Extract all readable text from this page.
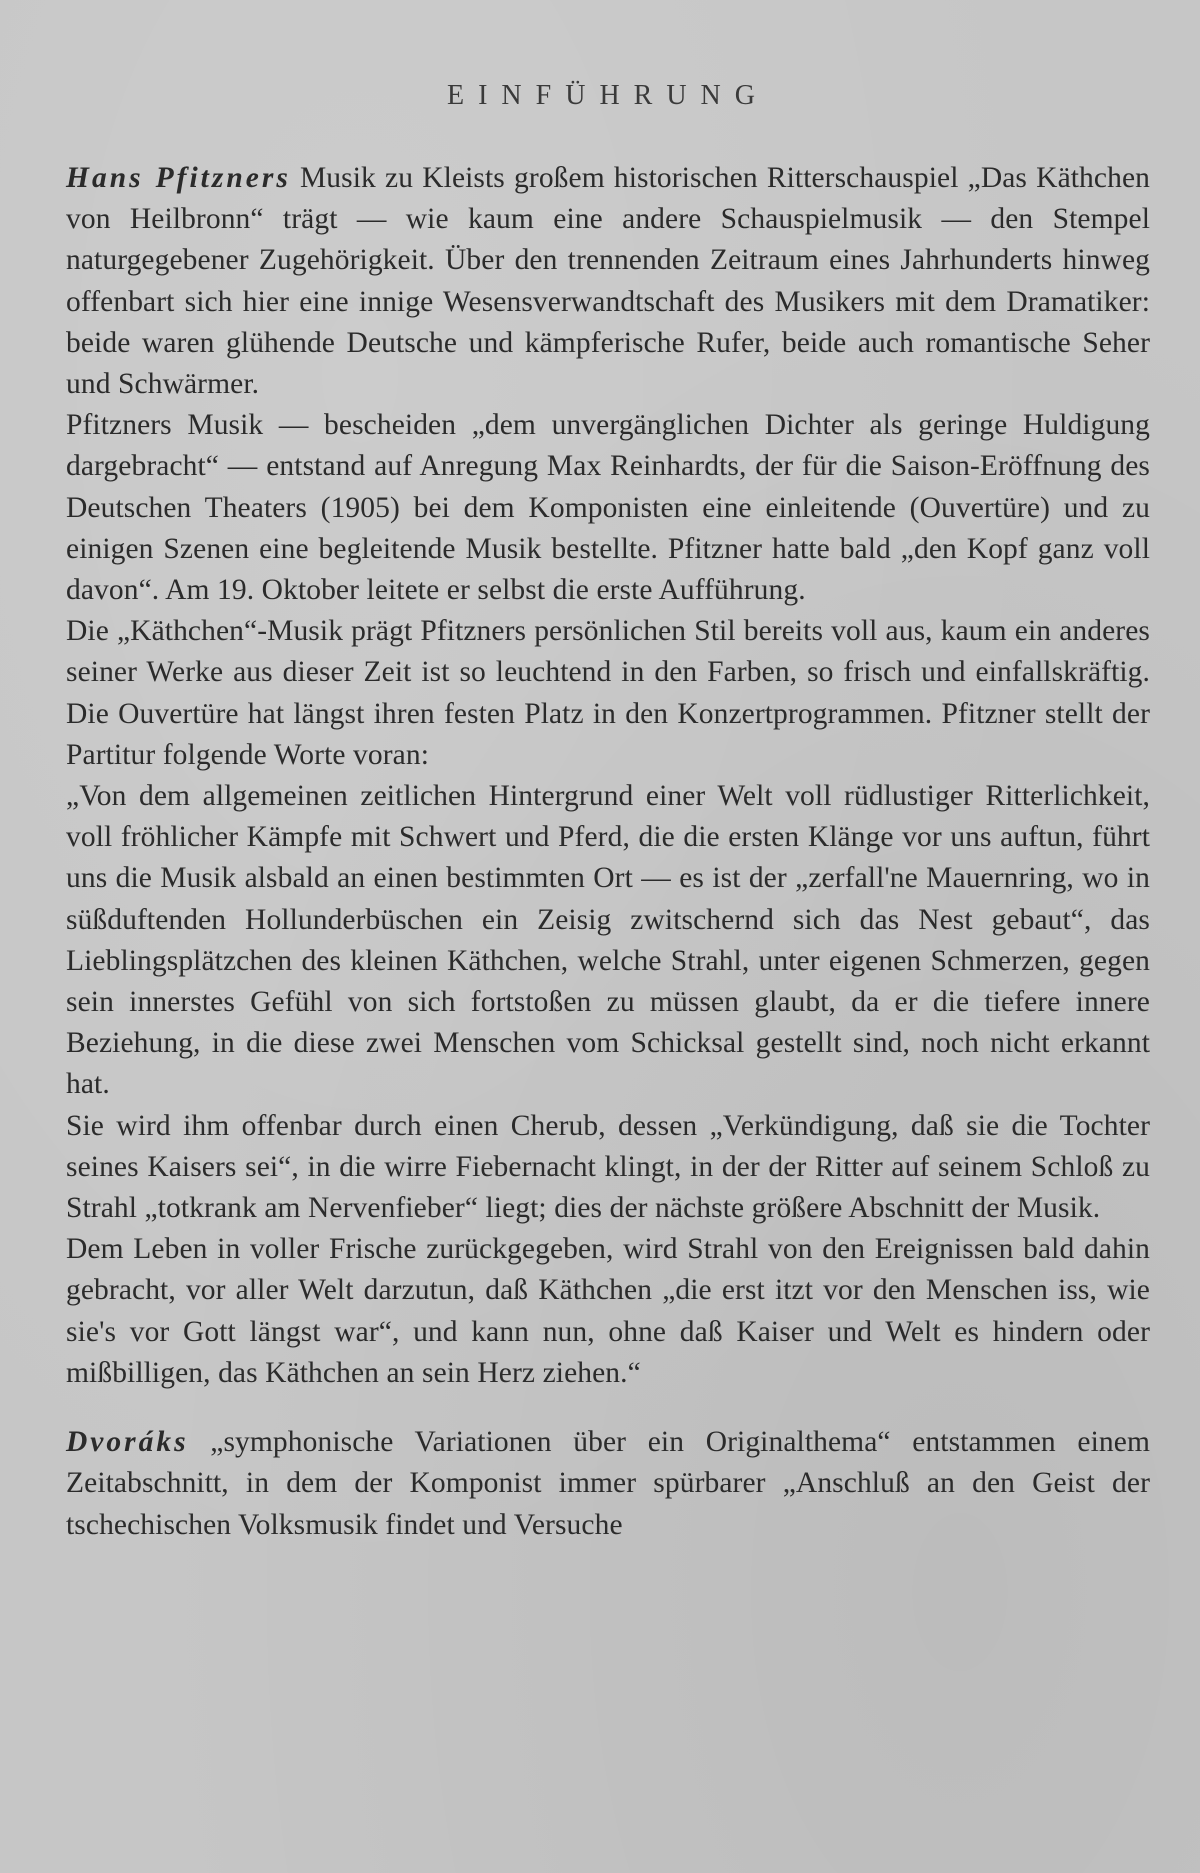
EINFÜHRUNG

Hans Pfitzners Musik zu Kleists großem historischen Ritterschauspiel „Das Käthchen von Heilbronn“ trägt — wie kaum eine andere Schauspielmusik — den Stempel naturgegebener Zugehörigkeit. Über den trennenden Zeitraum eines Jahrhunderts hinweg offenbart sich hier eine innige Wesensverwandtschaft des Musikers mit dem Dramatiker: beide waren glühende Deutsche und kämpferische Rufer, beide auch romantische Seher und Schwärmer.

Pfitzners Musik — bescheiden „dem unvergänglichen Dichter als geringe Huldigung dargebracht“ — entstand auf Anregung Max Reinhardts, der für die Saison-Eröffnung des Deutschen Theaters (1905) bei dem Komponisten eine einleitende (Ouvertüre) und zu einigen Szenen eine begleitende Musik bestellte. Pfitzner hatte bald „den Kopf ganz voll davon“. Am 19. Oktober leitete er selbst die erste Aufführung.

Die „Käthchen“-Musik prägt Pfitzners persönlichen Stil bereits voll aus, kaum ein anderes seiner Werke aus dieser Zeit ist so leuchtend in den Farben, so frisch und einfallskräftig. Die Ouvertüre hat längst ihren festen Platz in den Konzertprogrammen. Pfitzner stellt der Partitur folgende Worte voran:

„Von dem allgemeinen zeitlichen Hintergrund einer Welt voll rüdlustiger Ritterlichkeit, voll fröhlicher Kämpfe mit Schwert und Pferd, die die ersten Klänge vor uns auftun, führt uns die Musik alsbald an einen bestimmten Ort — es ist der „zerfall'ne Mauernring, wo in süßduftenden Hollunderbüschen ein Zeisig zwitschernd sich das Nest gebaut“, das Lieblingsplätzchen des kleinen Käthchen, welche Strahl, unter eigenen Schmerzen, gegen sein innerstes Gefühl von sich fortstoßen zu müssen glaubt, da er die tiefere innere Beziehung, in die diese zwei Menschen vom Schicksal gestellt sind, noch nicht erkannt hat.

Sie wird ihm offenbar durch einen Cherub, dessen „Verkündigung, daß sie die Tochter seines Kaisers sei“, in die wirre Fiebernacht klingt, in der der Ritter auf seinem Schloß zu Strahl „totkrank am Nervenfieber“ liegt; dies der nächste größere Abschnitt der Musik.

Dem Leben in voller Frische zurückgegeben, wird Strahl von den Ereignissen bald dahin gebracht, vor aller Welt darzutun, daß Käthchen „die erst itzt vor den Menschen iss, wie sie's vor Gott längst war“, und kann nun, ohne daß Kaiser und Welt es hindern oder mißbilligen, das Käthchen an sein Herz ziehen.“

Dvoráks „symphonische Variationen über ein Originalthema“ entstammen einem Zeitabschnitt, in dem der Komponist immer spürbarer „Anschluß an den Geist der tschechischen Volksmusik findet und Versuche
